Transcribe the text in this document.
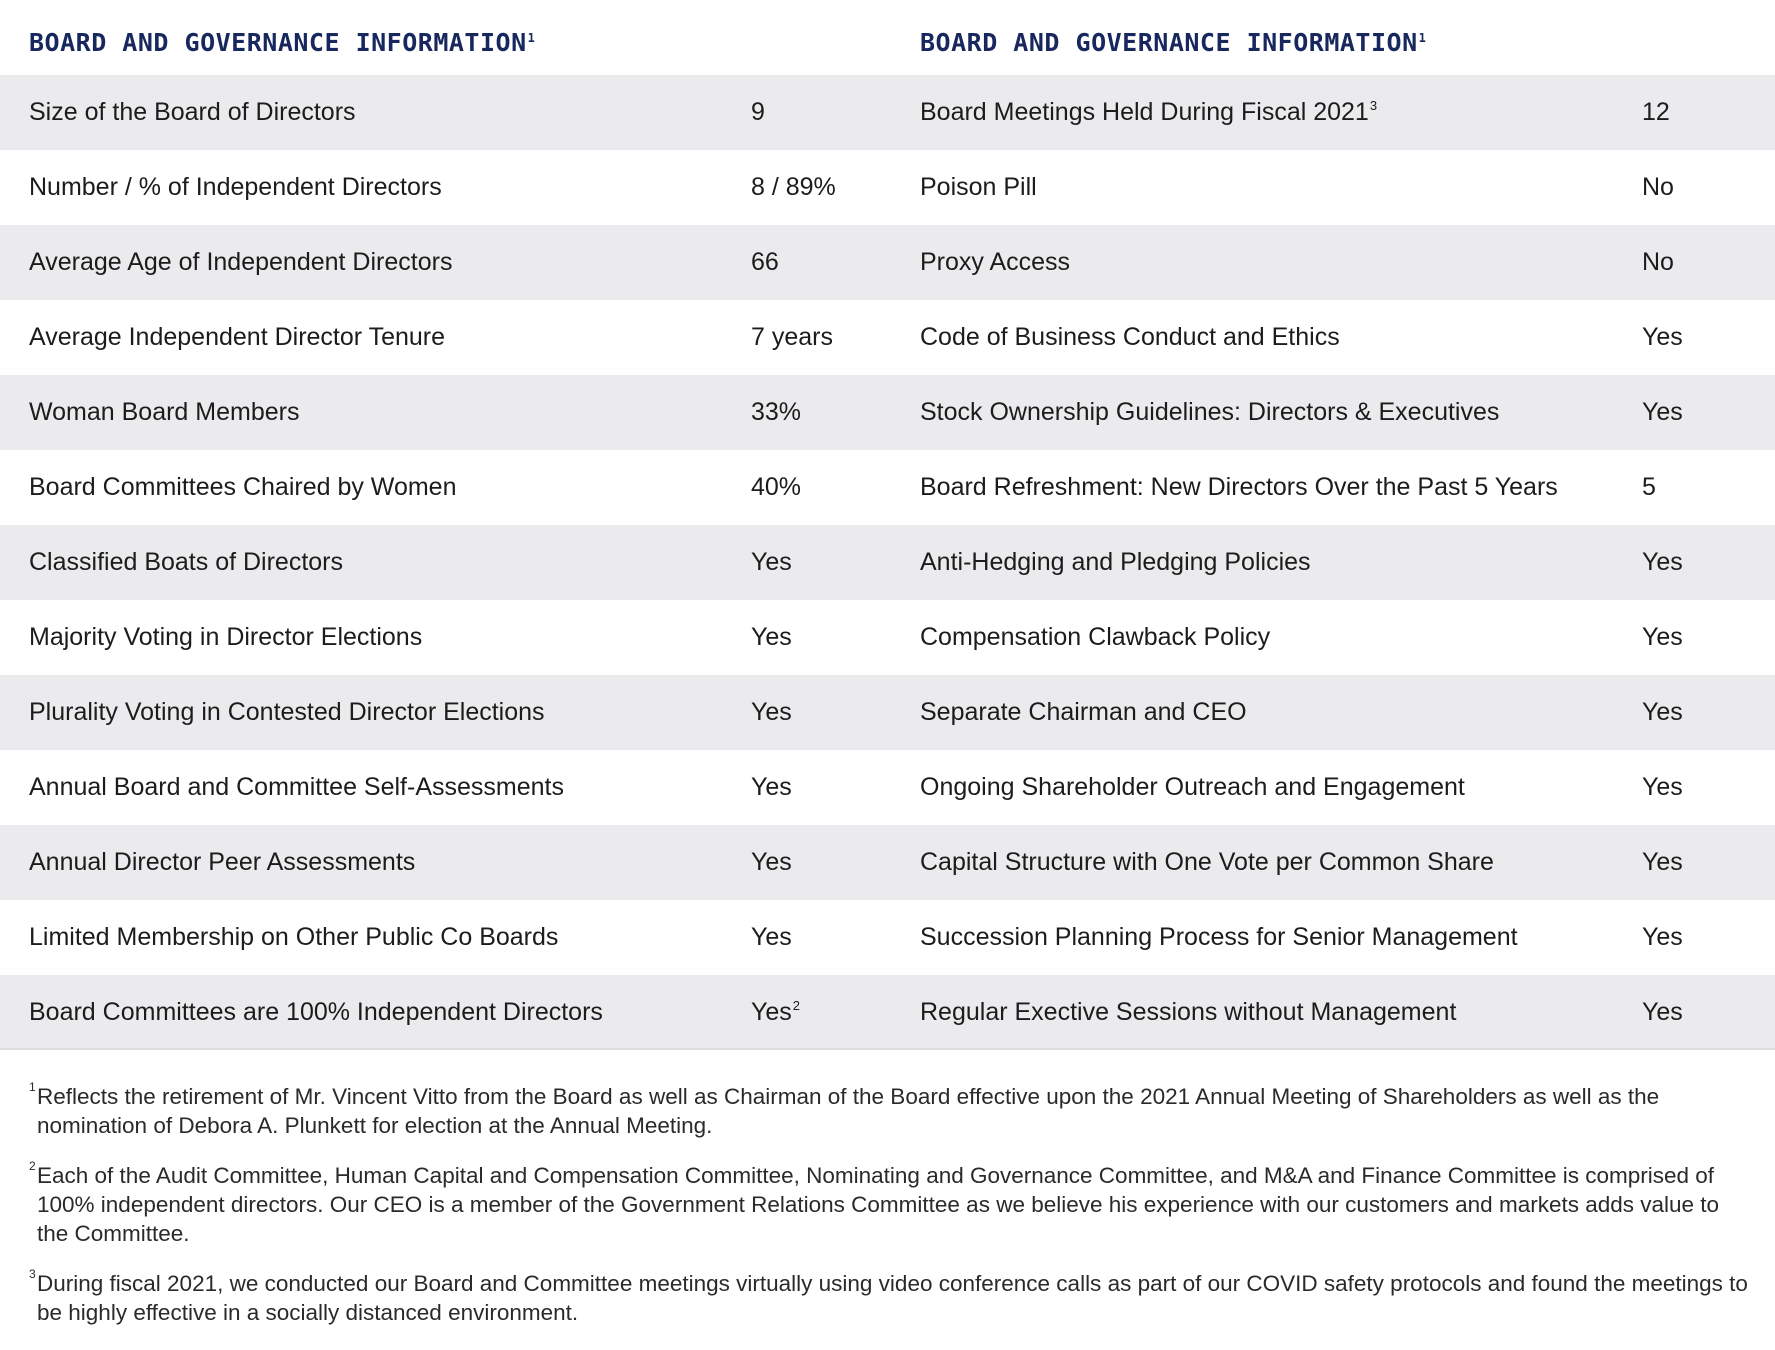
BOARD AND GOVERNANCE INFORMATION$^1$	BOARD AND GOVERNANCE INFORMATION$^1$
Size of the Board of Directors	9	Board Meetings Held During Fiscal 2021$^3$	12
Number / % of Independent Directors	8 / 89%	Poison Pill	No
Average Age of Independent Directors	66	Proxy Access	No
Average Independent Director Tenure	7 years	Code of Business Conduct and Ethics	Yes
Woman Board Members	33%	Stock Ownership Guidelines: Directors & Executives	Yes
Board Committees Chaired by Women	40%	Board Refreshment: New Directors Over the Past 5 Years	5
Classified Boats of Directors	Yes	Anti-Hedging and Pledging Policies	Yes
Majority Voting in Director Elections	Yes	Compensation Clawback Policy	Yes
Plurality Voting in Contested Director Elections	Yes	Separate Chairman and CEO	Yes
Annual Board and Committee Self-Assessments	Yes	Ongoing Shareholder Outreach and Engagement	Yes
Annual Director Peer Assessments	Yes	Capital Structure with One Vote per Common Share	Yes
Limited Membership on Other Public Co Boards	Yes	Succession Planning Process for Senior Management	Yes
Board Committees are 100% Independent Directors	Yes$^2$	Regular Exective Sessions without Management	Yes
1 Reflects the retirement of Mr. Vincent Vitto from the Board as well as Chairman of the Board effective upon the 2021 Annual Meeting of Shareholders as well as the nomination of Debora A. Plunkett for election at the Annual Meeting.
2 Each of the Audit Committee, Human Capital and Compensation Committee, Nominating and Governance Committee, and M&A and Finance Committee is comprised of 100% independent directors. Our CEO is a member of the Government Relations Committee as we believe his experience with our customers and markets adds value to the Committee.
3 During fiscal 2021, we conducted our Board and Committee meetings virtually using video conference calls as part of our COVID safety protocols and found the meetings to be highly effective in a socially distanced environment.
